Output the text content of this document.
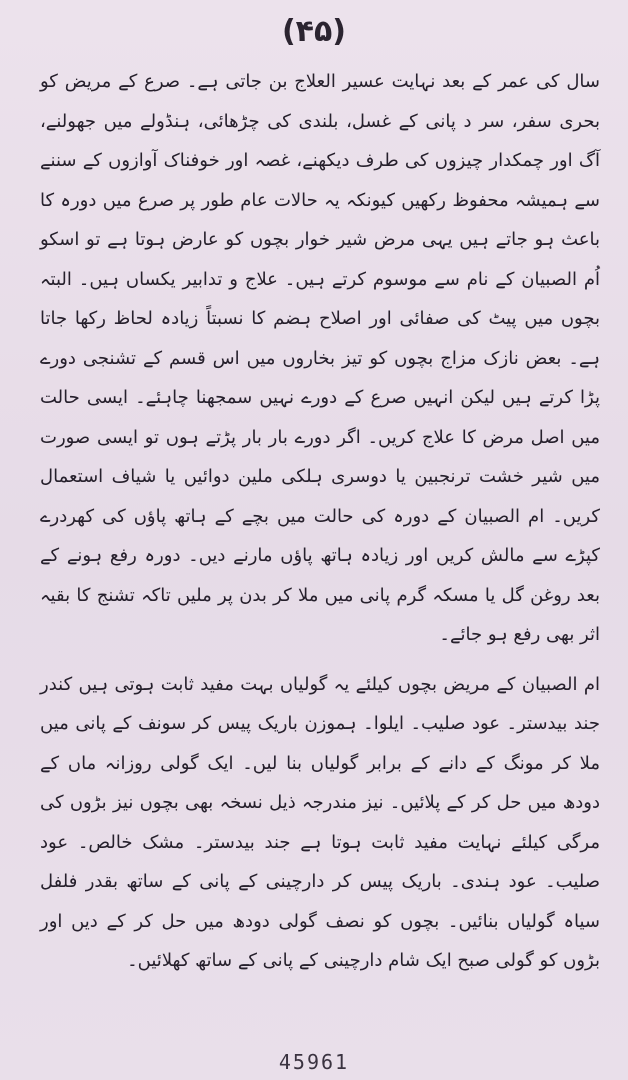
(۴۵)

سال کی عمر کے بعد نہایت عسیر العلاج بن جاتی ہے۔ صرع کے مریض کو بحری سفر، سر د پانی کے غسل، بلندی کی چڑھائی، ہنڈولے میں جھولنے، آگ اور چمکدار چیزوں کی طرف دیکھنے، غصہ اور خوفناک آوازوں کے سننے سے ہمیشہ محفوظ رکھیں کیونکہ یہ حالات عام طور پر صرع میں دورہ کا باعث ہو جاتے ہیں یہی مرض شیر خوار بچوں کو عارض ہوتا ہے تو اسکو اُم الصبیان کے نام سے موسوم کرتے ہیں۔ علاج و تدابیر یکساں ہیں۔ البتہ بچوں میں پیٹ کی صفائی اور اصلاح ہضم کا نسبتاً زیادہ لحاظ رکھا جاتا ہے۔ بعض نازک مزاج بچوں کو تیز بخاروں میں اس قسم کے تشنجی دورے پڑا کرتے ہیں لیکن انہیں صرع کے دورے نہیں سمجھنا چاہئے۔ ایسی حالت میں اصل مرض کا علاج کریں۔ اگر دورے بار بار پڑتے ہوں تو ایسی صورت میں شیر خشت ترنجبین یا دوسری ہلکی ملین دوائیں یا شیاف استعمال کریں۔ ام الصبیان کے دورہ کی حالت میں بچے کے ہاتھ پاؤں کی کھردرے کپڑے سے مالش کریں اور زیادہ ہاتھ پاؤں مارنے دیں۔ دورہ رفع ہونے کے بعد روغن گل یا مسکہ گرم پانی میں ملا کر بدن پر ملیں تاکہ تشنج کا بقیہ اثر بھی رفع ہو جائے۔

ام الصبیان کے مریض بچوں کیلئے یہ گولیاں بہت مفید ثابت ہوتی ہیں کندر جند بیدستر۔ عود صلیب۔ ایلوا۔ ہموزن باریک پیس کر سونف کے پانی میں ملا کر مونگ کے دانے کے برابر گولیاں بنا لیں۔ ایک گولی روزانہ ماں کے دودھ میں حل کر کے پلائیں۔ نیز مندرجہ ذیل نسخہ بھی بچوں نیز بڑوں کی مرگی کیلئے نہایت مفید ثابت ہوتا ہے جند بیدستر۔ مشک خالص۔ عود صلیب۔ عود ہندی۔ باریک پیس کر دارچینی کے پانی کے ساتھ بقدر فلفل سیاہ گولیاں بنائیں۔ بچوں کو نصف گولی دودھ میں حل کر کے دیں اور بڑوں کو گولی صبح ایک شام دارچینی کے پانی کے ساتھ کھلائیں۔

45961
